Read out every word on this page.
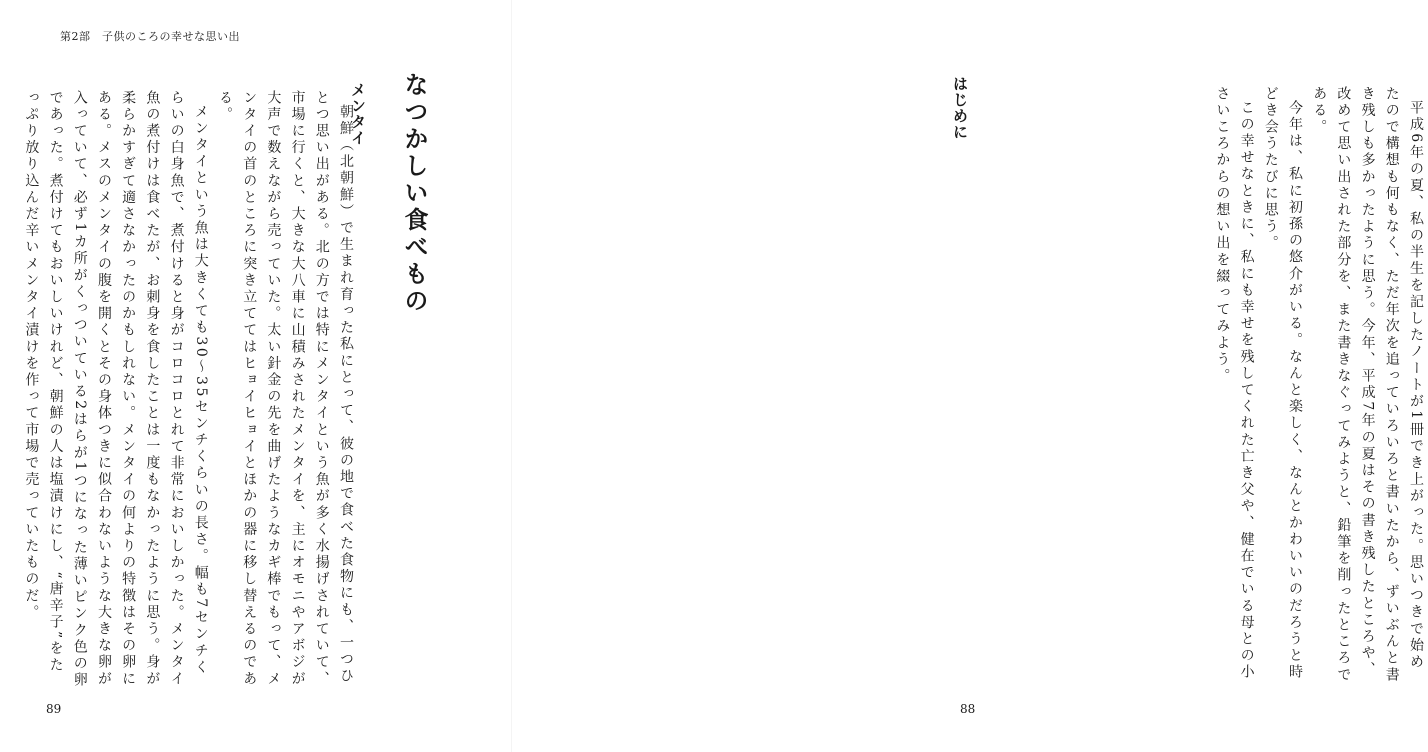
第2部　子供のころの幸せな思い出
はじめに	平成6年の夏、私の半生を記したノートが1冊でき上がった。思いつきで始めたので構想も何もなく、ただ年次を追っていろいろと書いたから、ずいぶんと書き残しも多かったように思う。今年、平成7年の夏はその書き残したところや、改めて思い出された部分を、また書きなぐってみようと、鉛筆を削ったところである。
今年は、私に初孫の悠介がいる。なんと楽しく、なんとかわいいのだろうと時どき会うたびに思う。
この幸せなときに、私にも幸せを残してくれた亡き父や、健在でいる母との小さいころからの想い出を綴ってみよう。
なつかしい食べもの
メンタイ
朝鮮（北朝鮮）で生まれ育った私にとって、彼の地で食べた食物にも、一つひとつ思い出がある。北の方では特にメンタイという魚が多く水揚げされていて、市場に行くと、大きな大八車に山積みされたメンタイを、主にオモニやアボジが大声で数えながら売っていた。太い針金の先を曲げたようなカギ棒でもって、メンタイの首のところに突き立ててはヒョイヒョイとほかの器に移し替えるのである。
メンタイという魚は大きくても30〜35センチくらいの長さ。幅も7センチくらいの白身魚で、煮付けると身がコロコロとれて非常においしかった。メンタイ魚の煮付けは食べたが、お刺身を食したことは一度もなかったように思う。身が柔らかすぎて適さなかったのかもしれない。メンタイの何よりの特徴はその卵にある。メスのメンタイの腹を開くとその身体つきに似合わないような大きな卵が入っていて、必ず1カ所がくっついている2はらが1つになった薄いピンク色の卵であった。煮付けてもおいしいけれど、朝鮮の人は塩漬けにし、“唐辛子”をたっぷり放り込んだ辛いメンタイ漬けを作って市場で売っていたものだ。
89	88
